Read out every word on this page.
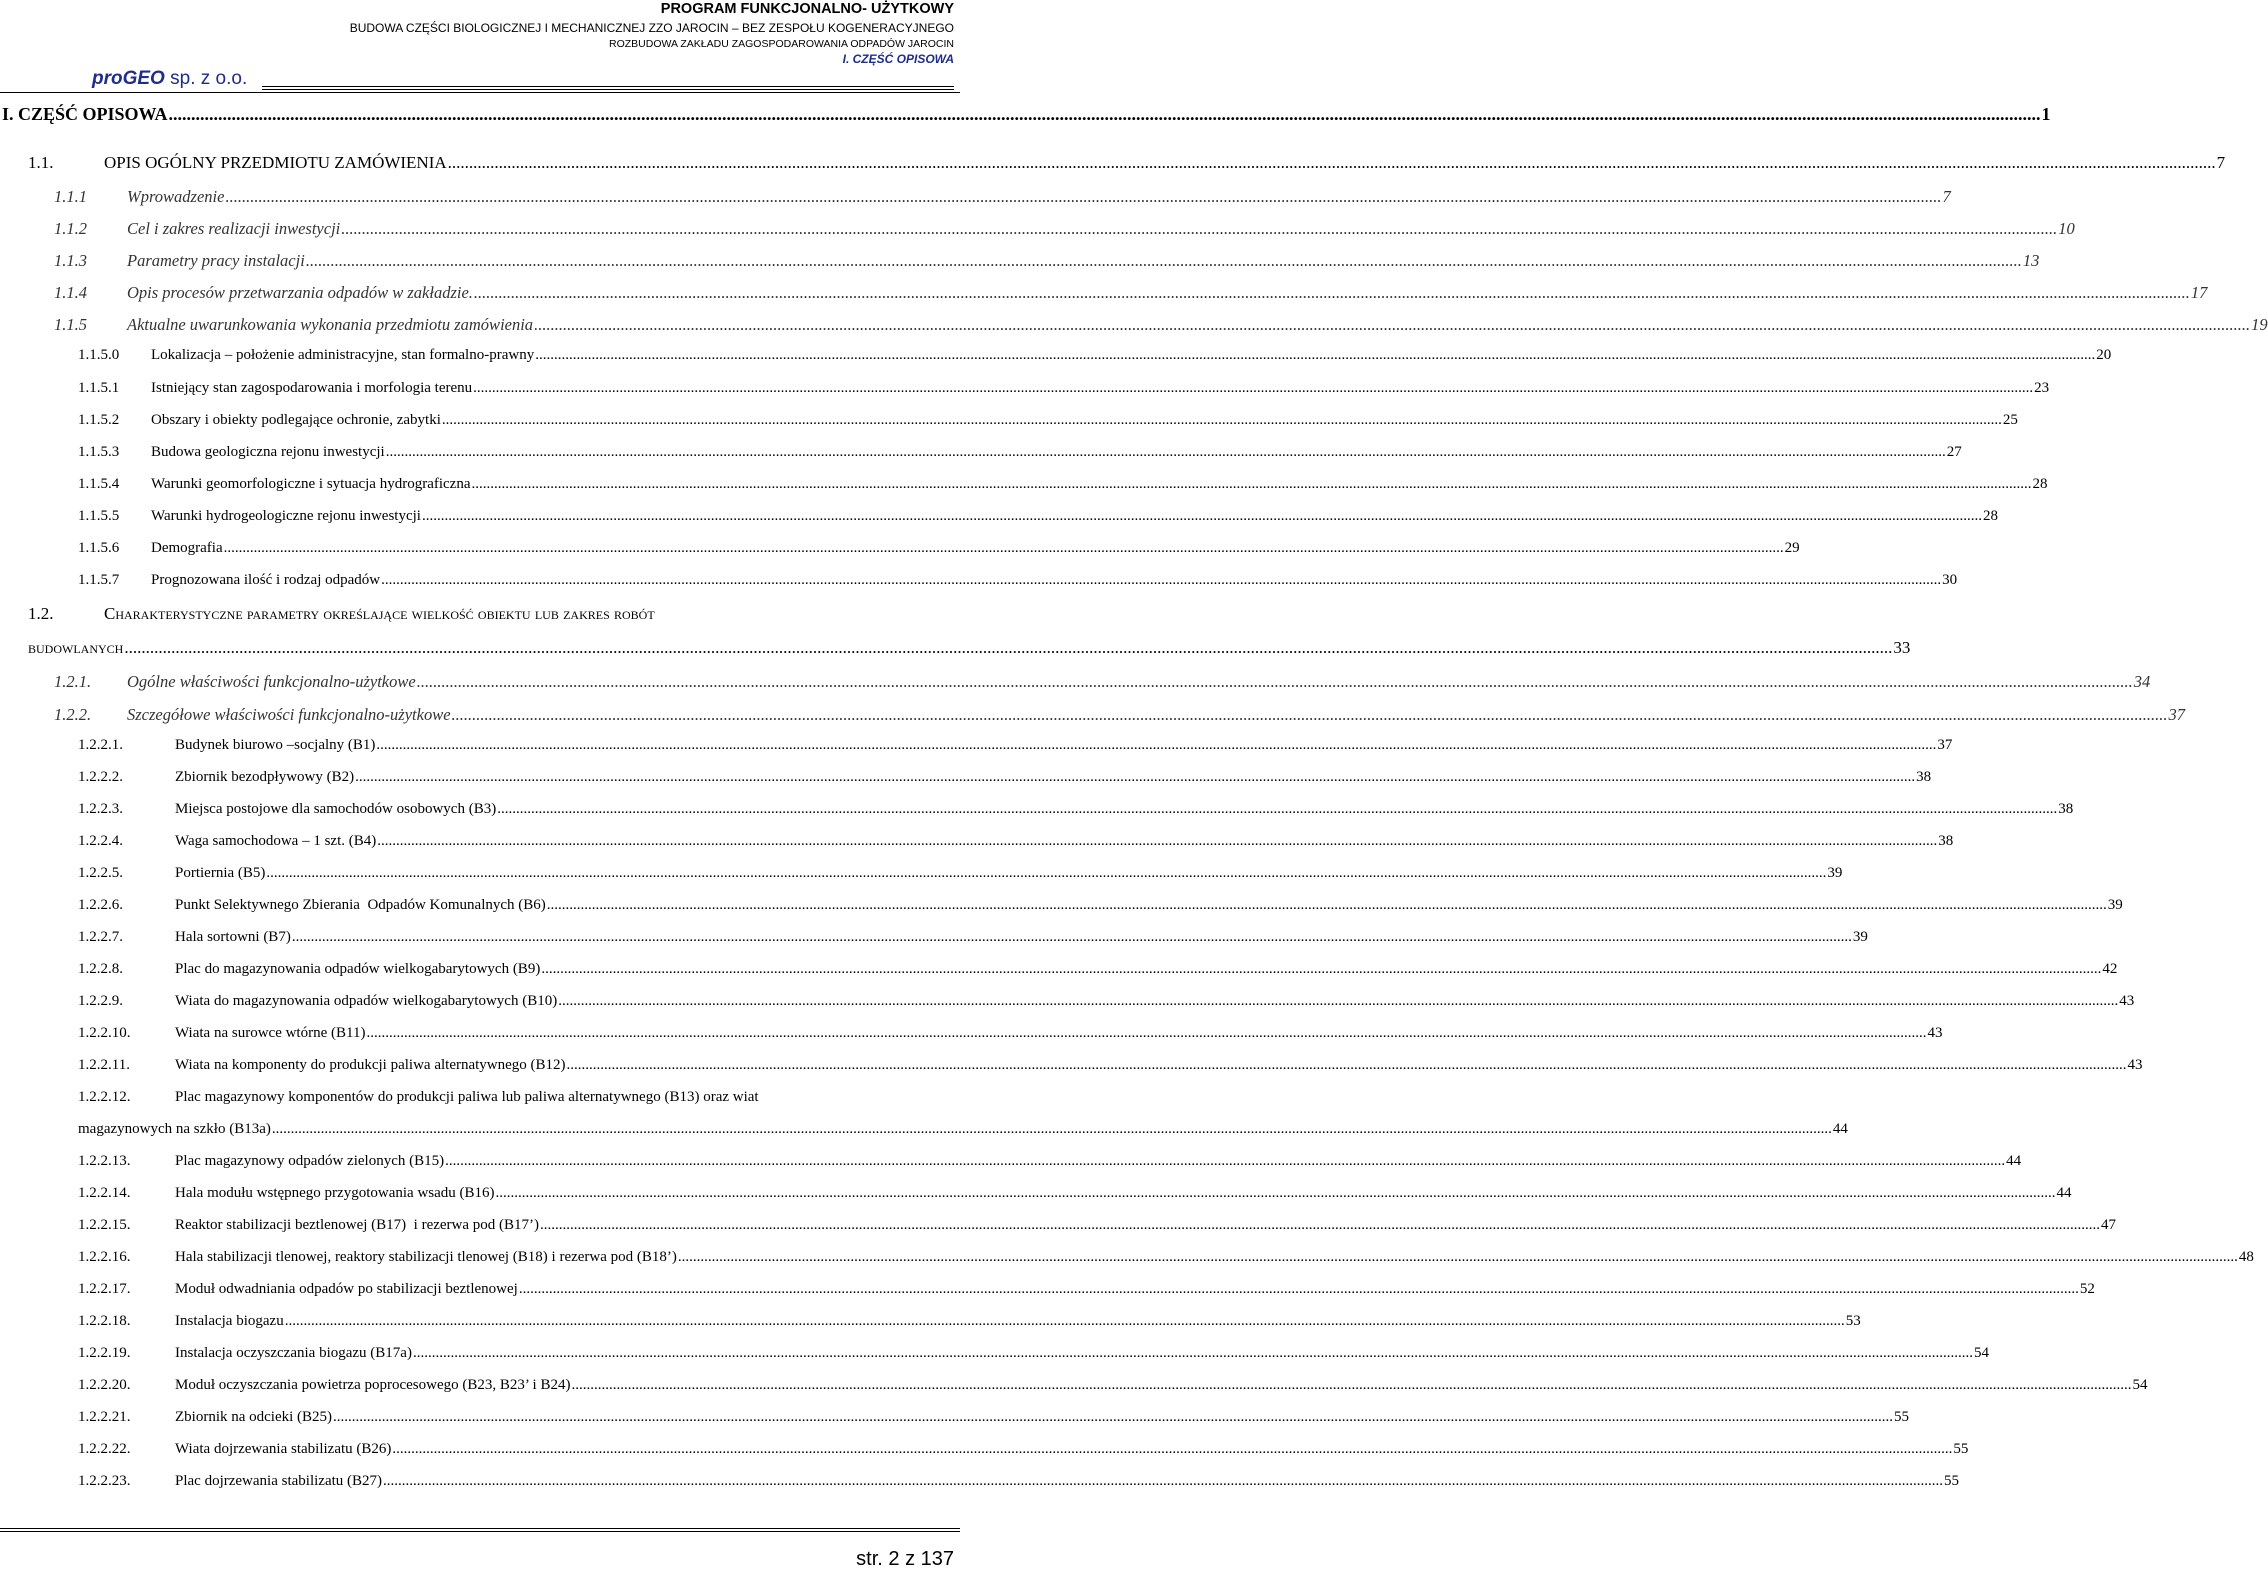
PROGRAM FUNKCJONALNO- UŻYTKOWY
BUDOWA CZĘŚCI BIOLOGICZNEJ I MECHANICZNEJ ZZO JAROCIN – BEZ ZESPOŁU KOGENERACYJNEGO
ROZBUDOWA ZAKŁADU ZAGOSPODAROWANIA ODPADÓW JAROCIN
I. CZĘŚĆ OPISOWA
proGEO sp. z o.o.
I. CZĘŚĆ OPISOWA .....	1
1.1.	OPIS OGÓLNY PRZEDMIOTU ZAMÓWIENIA .....	7
1.1.1	Wprowadzenie .....	7
1.1.2	Cel i zakres realizacji inwestycji .....	10
1.1.3	Parametry pracy instalacji .....	13
1.1.4	Opis procesów przetwarzania odpadów w zakładzie. .....	17
1.1.5	Aktualne uwarunkowania wykonania przedmiotu zamówienia .....	19
1.1.5.0	Lokalizacja – położenie administracyjne, stan formalno-prawny .....	20
1.1.5.1	Istniejący stan zagospodarowania i morfologia terenu .....	23
1.1.5.2	Obszary i obiekty podlegające ochronie, zabytki .....	25
1.1.5.3	Budowa geologiczna rejonu inwestycji .....	27
1.1.5.4	Warunki geomorfologiczne i sytuacja hydrograficzna .....	28
1.1.5.5	Warunki hydrogeologiczne rejonu inwestycji .....	28
1.1.5.6	Demografia .....	29
1.1.5.7	Prognozowana ilość i rodzaj odpadów .....	30
1.2.	Charakterystyczne parametry określające wielkość obiektu lub zakres robót
budowlanych .....	33
1.2.1.	Ogólne właściwości funkcjonalno-użytkowe .....	34
1.2.2.	Szczegółowe właściwości funkcjonalno-użytkowe .....	37
1.2.2.1.	Budynek biurowo –socjalny (B1) .....	37
1.2.2.2.	Zbiornik bezodpływowy (B2) .....	38
1.2.2.3.	Miejsca postojowe dla samochodów osobowych (B3) .....	38
1.2.2.4.	Waga samochodowa – 1 szt. (B4) .....	38
1.2.2.5.	Portiernia (B5) .....	39
1.2.2.6.	Punkt Selektywnego Zbierania  Odpadów Komunalnych (B6) .....	39
1.2.2.7.	Hala sortowni (B7) .....	39
1.2.2.8.	Plac do magazynowania odpadów wielkogabarytowych (B9) .....	42
1.2.2.9.	Wiata do magazynowania odpadów wielkogabarytowych (B10) .....	43
1.2.2.10.	Wiata na surowce wtórne (B11) .....	43
1.2.2.11.	Wiata na komponenty do produkcji paliwa alternatywnego (B12) .....	43
1.2.2.12.	Plac magazynowy komponentów do produkcji paliwa lub paliwa alternatywnego (B13) oraz wiat
magazynowych na szkło (B13a) .....	44
1.2.2.13.	Plac magazynowy odpadów zielonych (B15) .....	44
1.2.2.14.	Hala modułu wstępnego przygotowania wsadu (B16) .....	44
1.2.2.15.	Reaktor stabilizacji beztlenowej (B17)  i rezerwa pod (B17’) .....	47
1.2.2.16.	Hala stabilizacji tlenowej, reaktory stabilizacji tlenowej (B18) i rezerwa pod (B18’) .....	48
1.2.2.17.	Moduł odwadniania odpadów po stabilizacji beztlenowej .....	52
1.2.2.18.	Instalacja biogazu .....	53
1.2.2.19.	Instalacja oczyszczania biogazu (B17a) .....	54
1.2.2.20.	Moduł oczyszczania powietrza poprocesowego (B23, B23’ i B24) .....	54
1.2.2.21.	Zbiornik na odcieki (B25) .....	55
1.2.2.22.	Wiata dojrzewania stabilizatu (B26) .....	55
1.2.2.23.	Plac dojrzewania stabilizatu (B27) .....	55
str. 2 z 137
